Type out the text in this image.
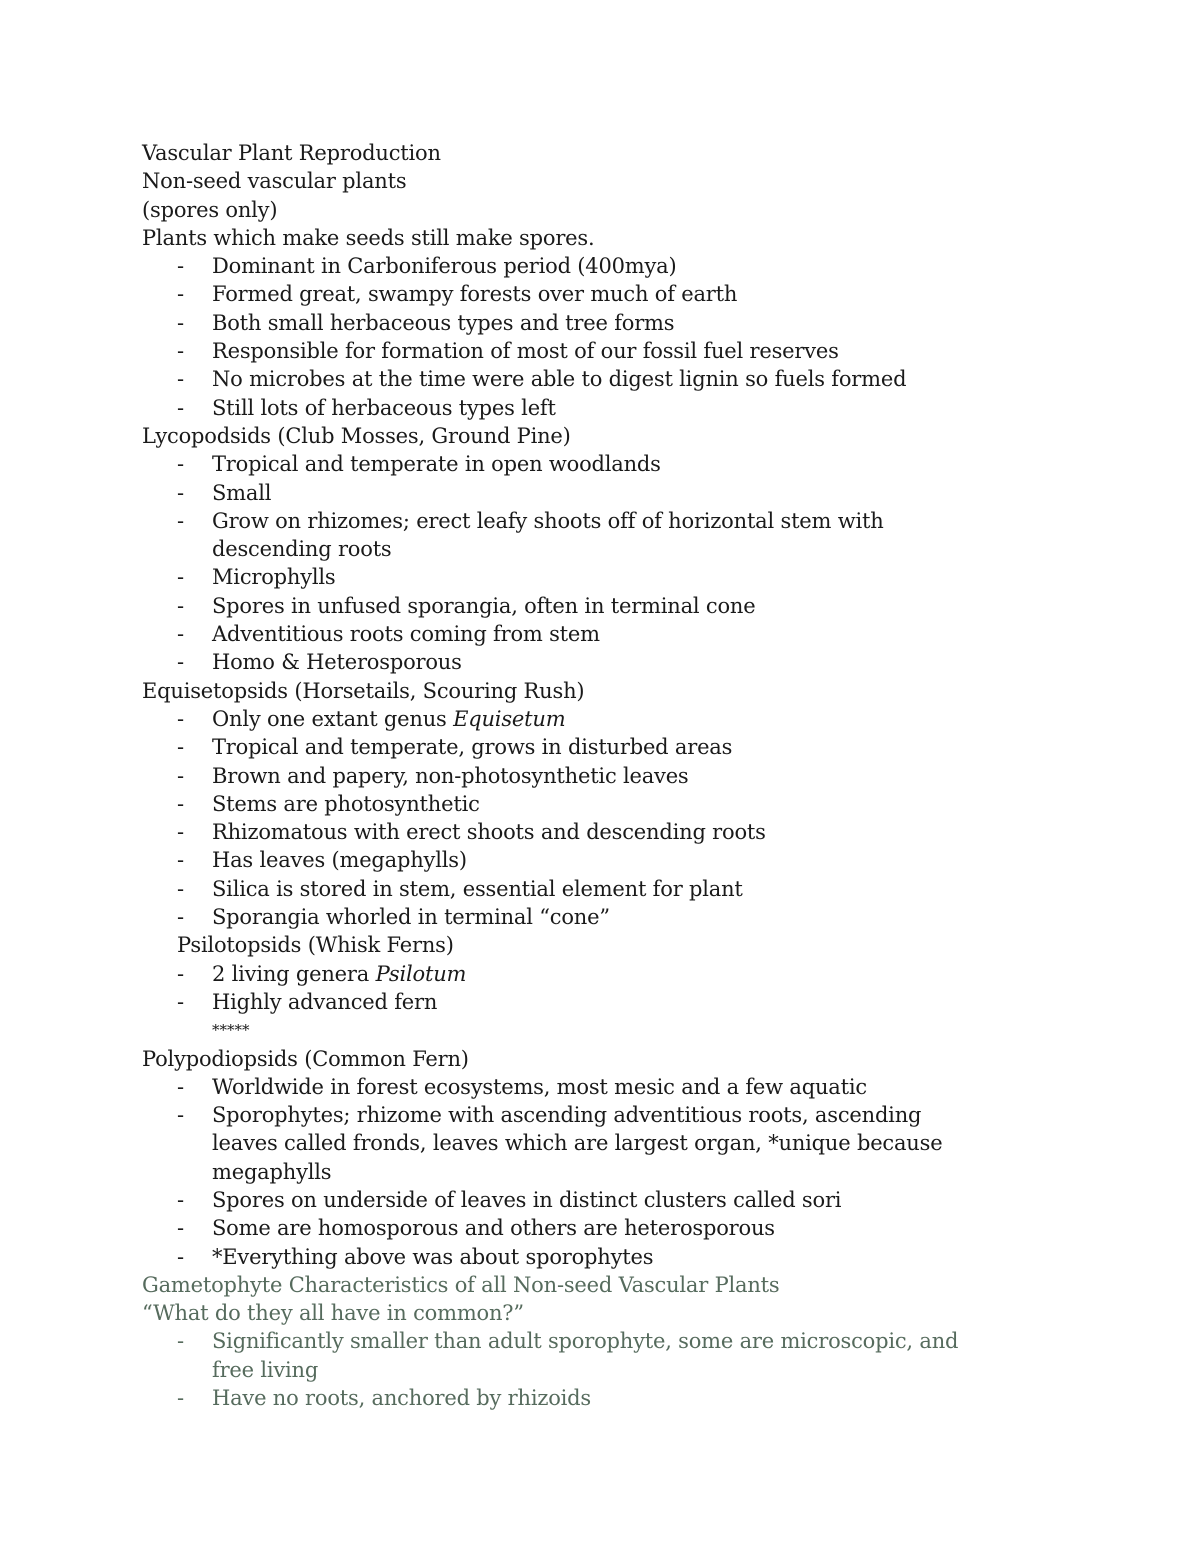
Vascular Plant Reproduction
Non-seed vascular plants
(spores only)
Plants which make seeds still make spores.
-	Dominant in Carboniferous period (400mya)
-	Formed great, swampy forests over much of earth
-	Both small herbaceous types and tree forms
-	Responsible for formation of most of our fossil fuel reserves
-	No microbes at the time were able to digest lignin so fuels formed
-	Still lots of herbaceous types left
Lycopodsids (Club Mosses, Ground Pine)
-	Tropical and temperate in open woodlands
-	Small
-	Grow on rhizomes; erect leafy shoots off of horizontal stem with
descending roots
-	Microphylls
-	Spores in unfused sporangia, often in terminal cone
-	Adventitious roots coming from stem
-	Homo & Heterosporous
Equisetopsids (Horsetails, Scouring Rush)
-	Only one extant genus Equisetum
-	Tropical and temperate, grows in disturbed areas
-	Brown and papery, non-photosynthetic leaves
-	Stems are photosynthetic
-	Rhizomatous with erect shoots and descending roots
-	Has leaves (megaphylls)
-	Silica is stored in stem, essential element for plant
-	Sporangia whorled in terminal “cone”
Psilotopsids (Whisk Ferns)
-	2 living genera Psilotum
-	Highly advanced fern
*****
Polypodiopsids (Common Fern)
-	Worldwide in forest ecosystems, most mesic and a few aquatic
-	Sporophytes; rhizome with ascending adventitious roots, ascending
leaves called fronds, leaves which are largest organ, *unique because
megaphylls
-	Spores on underside of leaves in distinct clusters called sori
-	Some are homosporous and others are heterosporous
-	*Everything above was about sporophytes
Gametophyte Characteristics of all Non-seed Vascular Plants
“What do they all have in common?”
-	Significantly smaller than adult sporophyte, some are microscopic, and
free living
-	Have no roots, anchored by rhizoids
